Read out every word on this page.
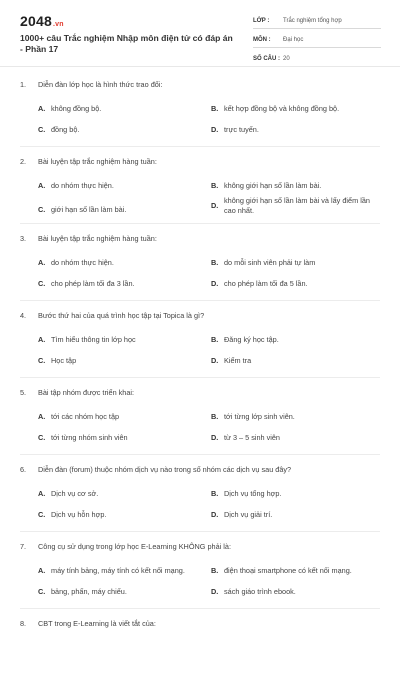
2048.vn
1000+ câu Trắc nghiệm Nhập môn điện tử có đáp án - Phần 17
LỚP :	Trắc nghiệm tổng hợp
MÔN :	Đại học
SỐ CÂU : 20
1. Diễn đàn lớp học là hình thức trao đổi:
A. không đồng bộ.	B. kết hợp đồng bộ và không đồng bộ.
C. đồng bộ.	D. trực tuyến.
2. Bài luyện tập trắc nghiệm hàng tuần:
A. do nhóm thực hiện.	B. không giới hạn số lần làm bài.
C. giới hạn số lần làm bài.	D.
không giới hạn số lần làm bài và lấy điểm lần cao nhất.
3. Bài luyện tập trắc nghiệm hàng tuần:
A. do nhóm thực hiện.	B. do mỗi sinh viên phải tự làm
C. cho phép làm tối đa 3 lần.	D. cho phép làm tối đa 5 lần.
4. Bước thứ hai của quá trình học tập tại Topica là gì?
A. Tìm hiểu thông tin lớp học	B. Đăng ký học tập.
C. Học tập	D. Kiểm tra
5. Bài tập nhóm được triển khai:
A. tới các nhóm học tập	B. tới từng lớp sinh viên.
C. tới từng nhóm sinh viên	D. từ 3 – 5 sinh viên
6. Diễn đàn (forum) thuộc nhóm dịch vụ nào trong số nhóm các dịch vụ sau đây?
A. Dịch vụ cơ sở.	B. Dịch vụ tổng hợp.
C. Dịch vụ hỗn hợp.	D. Dịch vụ giải trí.
7. Công cụ sử dụng trong lớp học E-Learning KHÔNG phải là:
A. máy tính bảng, máy tính có kết nối mạng.	B. điện thoại smartphone có kết nối mạng.
C. bảng, phấn, máy chiếu.	D. sách giáo trình ebook.
8. CBT trong E-Learning là viết tắt của:
